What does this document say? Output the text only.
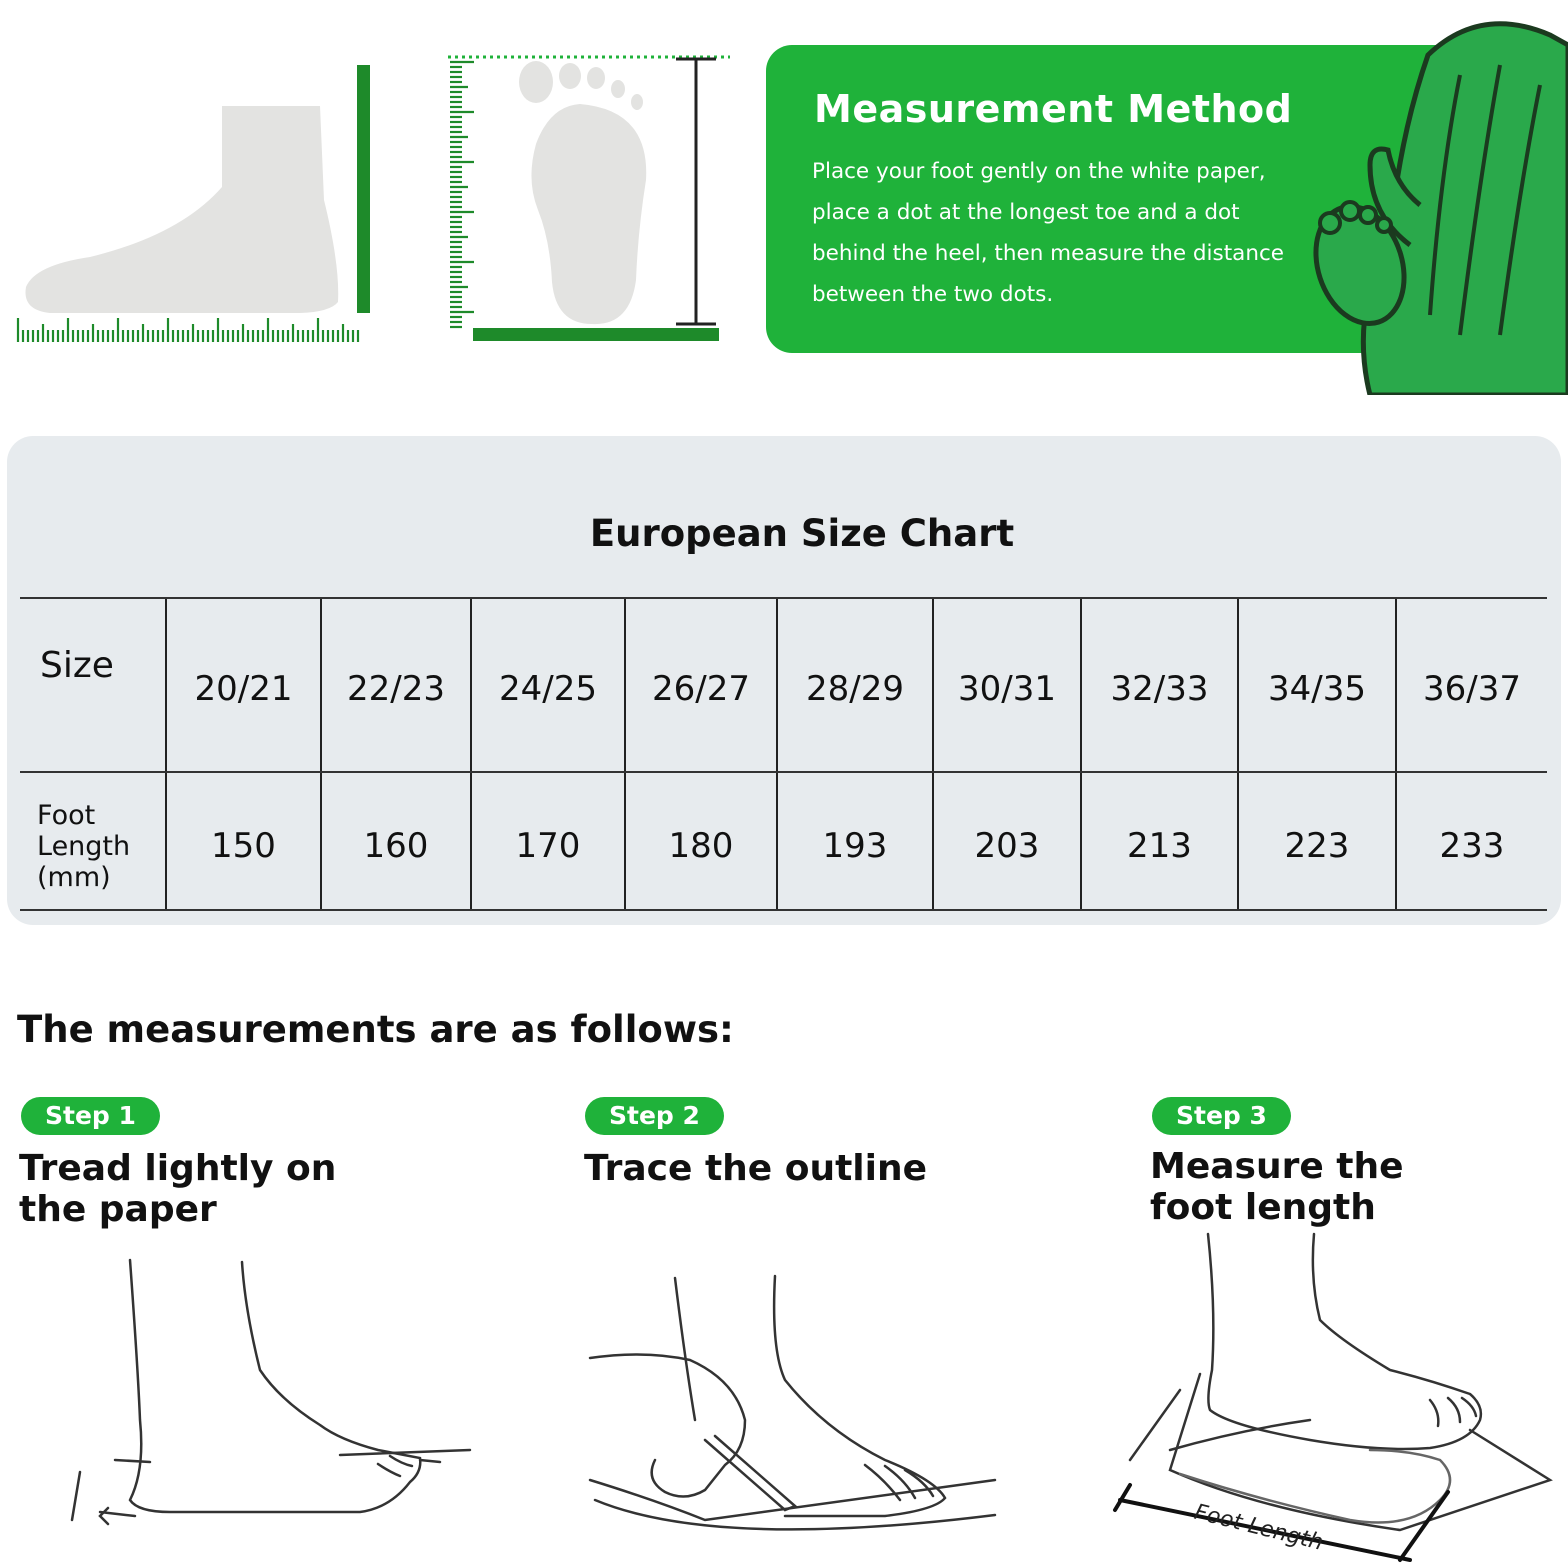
Measurement Method

Place your foot gently on the white paper, place a dot at the longest toe and a dot behind the heel, then measure the distance between the two dots.

European Size Chart
Size	20/21	22/23	24/25	26/27	28/29	30/31	32/33	34/35	36/37
Foot Length (mm)	150	160	170	180	193	203	213	223	233
The measurements are as follows:
Step 1

Tread lightly on the paper

Step 2

Trace the outline

Step 3

Measure the foot length

Foot Length
